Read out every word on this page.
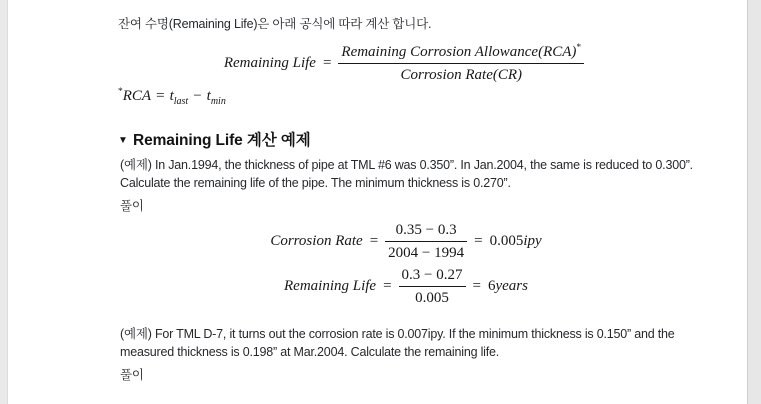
잔여 수명(Remaining Life)은 아래 공식에 따라 계산 합니다.

Remaining Life = $\frac{Remaining Corrosion Allowance(RCA)^*}{\text{Corrosion Rate(CR)}}$
$^*RCA = t_{last} - t_{min}$
▼ Remaining Life 계산 예제

(예제) In Jan.1994, the thickness of pipe at TML #6 was 0.350”. In Jan.2004, the same is reduced to 0.300”. Calculate the remaining life of the pipe. The minimum thickness is 0.270”.

풀이

Corrosion Rate = $\frac{0.35 - 0.3}{2004 - 1994} = 0.005$ ipy
Remaining Life = $\frac{0.3 - 0.27}{0.005} = 6$ years

(예제) For TML D-7, it turns out the corrosion rate is 0.007ipy. If the minimum thickness is 0.150” and the measured thickness is 0.198” at Mar.2004. Calculate the remaining life.

풀이
